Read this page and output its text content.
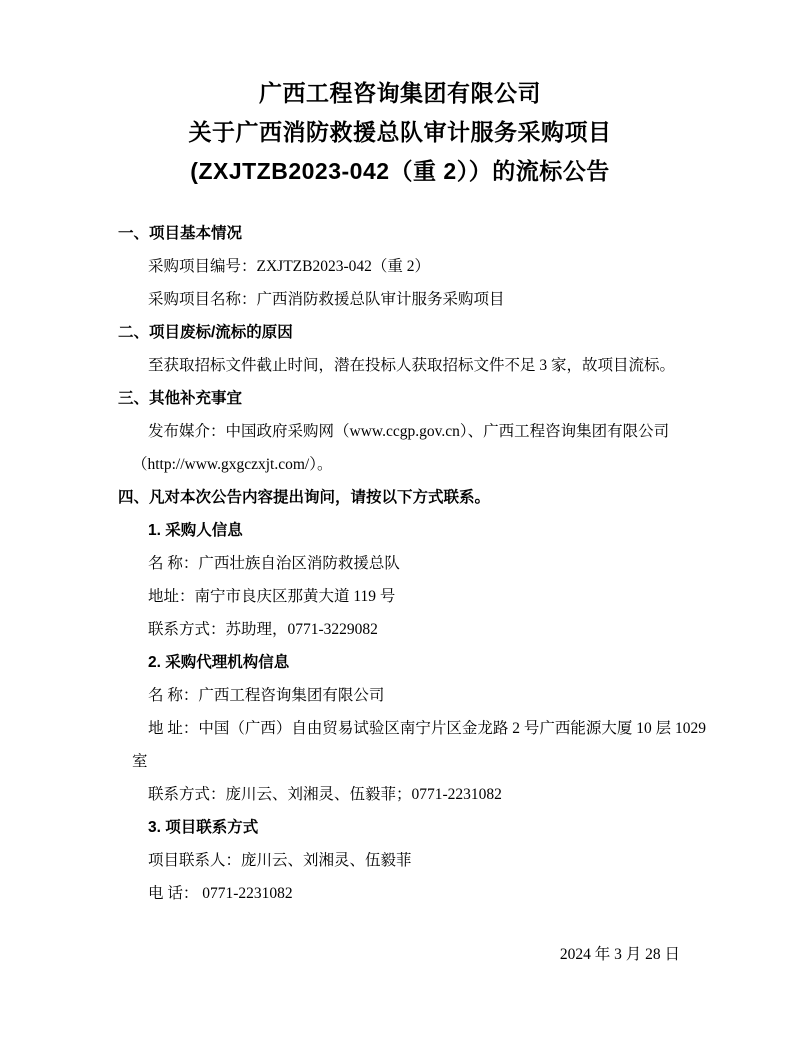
广西工程咨询集团有限公司
关于广西消防救援总队审计服务采购项目
(ZXJTZB2023-042（重 2））的流标公告
一、项目基本情况
采购项目编号：ZXJTZB2023-042（重 2）
采购项目名称：广西消防救援总队审计服务采购项目
二、项目废标/流标的原因
至获取招标文件截止时间，潜在投标人获取招标文件不足 3 家，故项目流标。
三、其他补充事宜
发布媒介：中国政府采购网（www.ccgp.gov.cn）、广西工程咨询集团有限公司
（http://www.gxgczxjt.com/）。
四、凡对本次公告内容提出询问，请按以下方式联系。
1. 采购人信息
名 称：广西壮族自治区消防救援总队
地址：南宁市良庆区那黄大道 119 号
联系方式：苏助理，0771-3229082
2. 采购代理机构信息
名 称：广西工程咨询集团有限公司
地 址：中国（广西）自由贸易试验区南宁片区金龙路 2 号广西能源大厦 10 层 1029
室
联系方式：庞川云、刘湘灵、伍毅菲；0771-2231082
3. 项目联系方式
项目联系人：庞川云、刘湘灵、伍毅菲
电 话： 0771-2231082
2024 年 3 月 28 日
